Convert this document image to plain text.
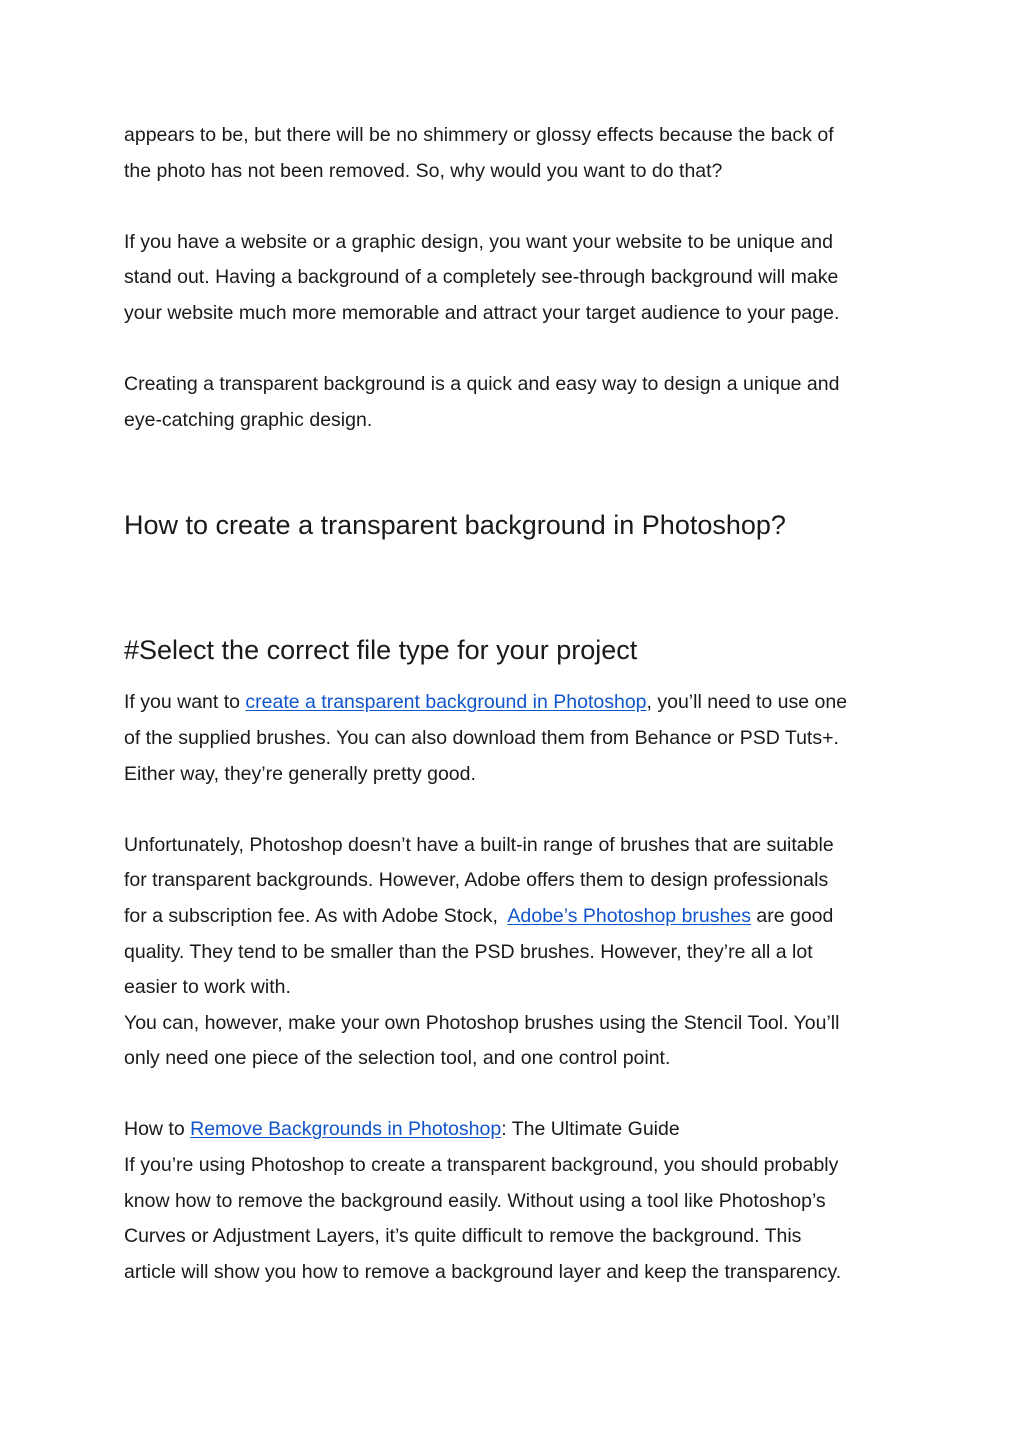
appears to be, but there will be no shimmery or glossy effects because the back of

the photo has not been removed. So, why would you want to do that?

If you have a website or a graphic design, you want your website to be unique and

stand out. Having a background of a completely see-through background will make

your website much more memorable and attract your target audience to your page.

Creating a transparent background is a quick and easy way to design a unique and

eye-catching graphic design.

How to create a transparent background in Photoshop?
#Select the correct file type for your project

If you want to create a transparent background in Photoshop, you’ll need to use one

of the supplied brushes. You can also download them from Behance or PSD Tuts+.

Either way, they’re generally pretty good.

Unfortunately, Photoshop doesn’t have a built-in range of brushes that are suitable

for transparent backgrounds. However, Adobe offers them to design professionals

for a subscription fee. As with Adobe Stock, Adobe’s Photoshop brushes are good

quality. They tend to be smaller than the PSD brushes. However, they’re all a lot

easier to work with.

You can, however, make your own Photoshop brushes using the Stencil Tool. You’ll

only need one piece of the selection tool, and one control point.

How to Remove Backgrounds in Photoshop: The Ultimate Guide

If you’re using Photoshop to create a transparent background, you should probably

know how to remove the background easily. Without using a tool like Photoshop’s

Curves or Adjustment Layers, it’s quite difficult to remove the background. This

article will show you how to remove a background layer and keep the transparency.
